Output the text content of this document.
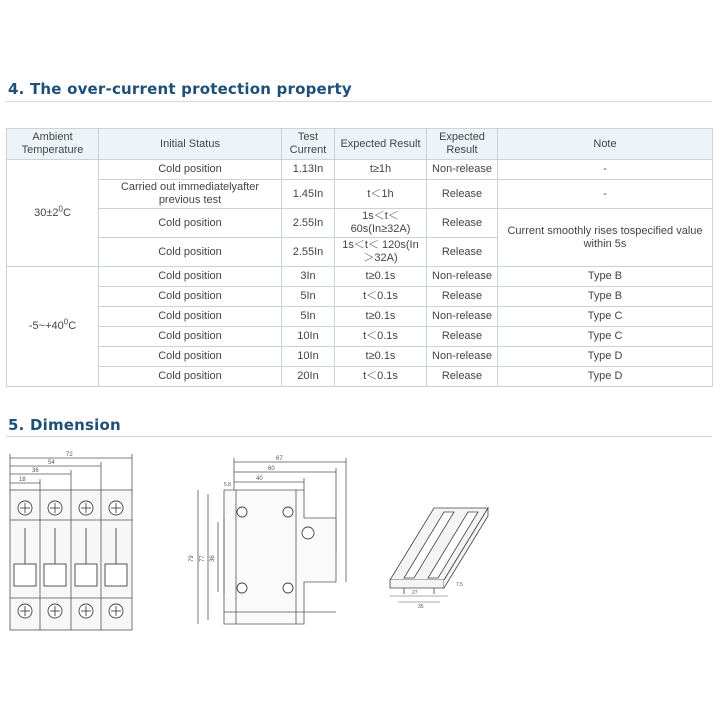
4. The over-current protection property
Ambient Temperature	Initial Status	Test Current	Expected Result	Expected Result	Note
$30\pm 2^0C$	Cold position	1.13In	t≥1h	Non-release	-
	Carried out immediatelyafter previous test	1.45In	t＜1h	Release	-
	Cold position	2.55In	1s＜t＜ 60s(In≥32A)	Release	Current smoothly rises tospecified value within 5s
	Cold position	2.55In	1s＜t＜ 120s(In＞32A)	Release	
$-5\sim+40^0C$	Cold position	3In	t≥0.1s	Non-release	Type B
	Cold position	5In	t＜0.1s	Release	Type B
	Cold position	5In	t≥0.1s	Non-release	Type C
	Cold position	10In	t＜0.1s	Release	Type C
	Cold position	10In	t≥0.1s	Non-release	Type D
	Cold position	20In	t＜0.1s	Release	Type D
5. Dimension
72
54
36
18
67
60
40
5.8
79 77 36
27
35
7.5
